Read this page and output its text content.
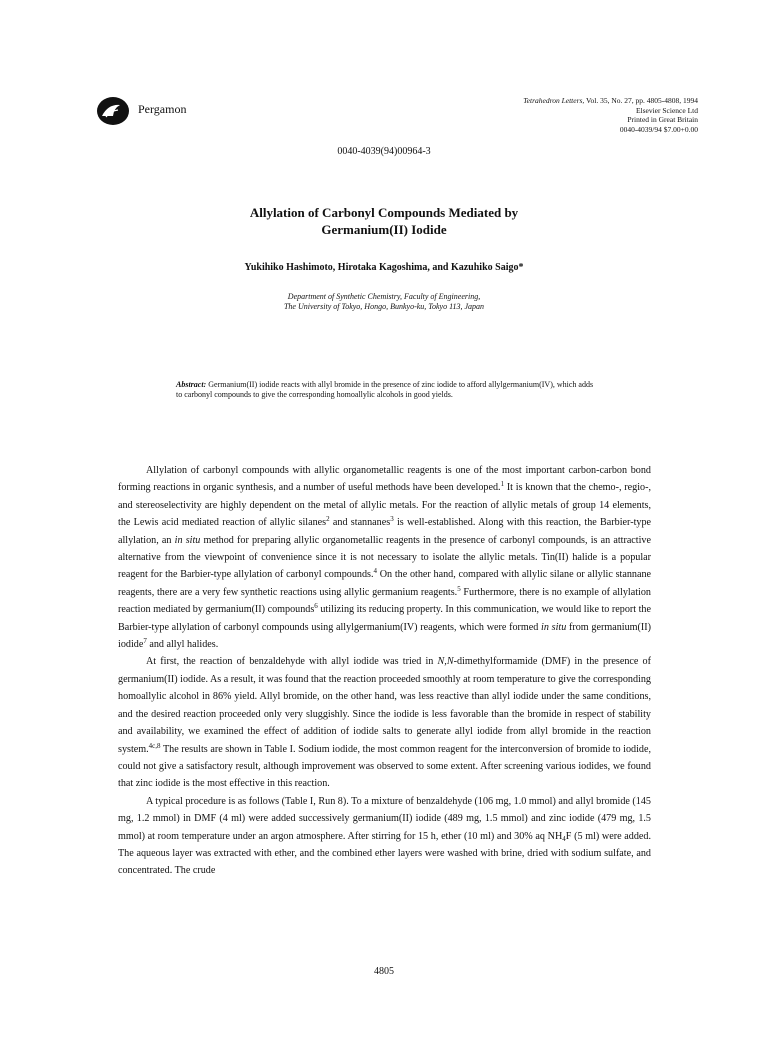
Pergamon
Tetrahedron Letters, Vol. 35, No. 27, pp. 4805-4808, 1994
Elsevier Science Ltd
Printed in Great Britain
0040-4039/94 $7.00+0.00
0040-4039(94)00964-3
Allylation of Carbonyl Compounds Mediated by
Germanium(II) Iodide
Yukihiko Hashimoto, Hirotaka Kagoshima, and Kazuhiko Saigo*
Department of Synthetic Chemistry, Faculty of Engineering,
The University of Tokyo, Hongo, Bunkyo-ku, Tokyo 113, Japan
Abstract: Germanium(II) iodide reacts with allyl bromide in the presence of zinc iodide to afford allylgermanium(IV), which adds to carbonyl compounds to give the corresponding homoallylic alcohols in good yields.

Allylation of carbonyl compounds with allylic organometallic reagents is one of the most important carbon-carbon bond forming reactions in organic synthesis, and a number of useful methods have been developed.$^1$ It is known that the chemo-, regio-, and stereoselectivity are highly dependent on the metal of allylic metals. For the reaction of allylic metals of group 14 elements, the Lewis acid mediated reaction of allylic silanes$^2$ and stannanes$^3$ is well-established. Along with this reaction, the Barbier-type allylation, an in situ method for preparing allylic organometallic reagents in the presence of carbonyl compounds, is an attractive alternative from the viewpoint of convenience since it is not necessary to isolate the allylic metals. Tin(II) halide is a popular reagent for the Barbier-type allylation of carbonyl compounds.$^4$ On the other hand, compared with allylic silane or allylic stannane reagents, there are a very few synthetic reactions using allylic germanium reagents.$^5$ Furthermore, there is no example of allylation reaction mediated by germanium(II) compounds$^6$ utilizing its reducing property. In this communication, we would like to report the Barbier-type allylation of carbonyl compounds using allylgermanium(IV) reagents, which were formed in situ from germanium(II) iodide$^7$ and allyl halides.

At first, the reaction of benzaldehyde with allyl iodide was tried in N,N-dimethylformamide (DMF) in the presence of germanium(II) iodide. As a result, it was found that the reaction proceeded smoothly at room temperature to give the corresponding homoallylic alcohol in 86% yield. Allyl bromide, on the other hand, was less reactive than allyl iodide under the same conditions, and the desired reaction proceeded only very sluggishly. Since the iodide is less favorable than the bromide in respect of stability and availability, we examined the effect of addition of iodide salts to generate allyl iodide from allyl bromide in the reaction system.$^{4c,8}$ The results are shown in Table I. Sodium iodide, the most common reagent for the interconversion of bromide to iodide, could not give a satisfactory result, although improvement was observed to some extent. After screening various iodides, we found that zinc iodide is the most effective in this reaction.

A typical procedure is as follows (Table I, Run 8). To a mixture of benzaldehyde (106 mg, 1.0 mmol) and allyl bromide (145 mg, 1.2 mmol) in DMF (4 ml) were added successively germanium(II) iodide (489 mg, 1.5 mmol) and zinc iodide (479 mg, 1.5 mmol) at room temperature under an argon atmosphere. After stirring for 15 h, ether (10 ml) and 30% aq $NH_4F$ (5 ml) were added. The aqueous layer was extracted with ether, and the combined ether layers were washed with brine, dried with sodium sulfate, and concentrated. The crude

4805
